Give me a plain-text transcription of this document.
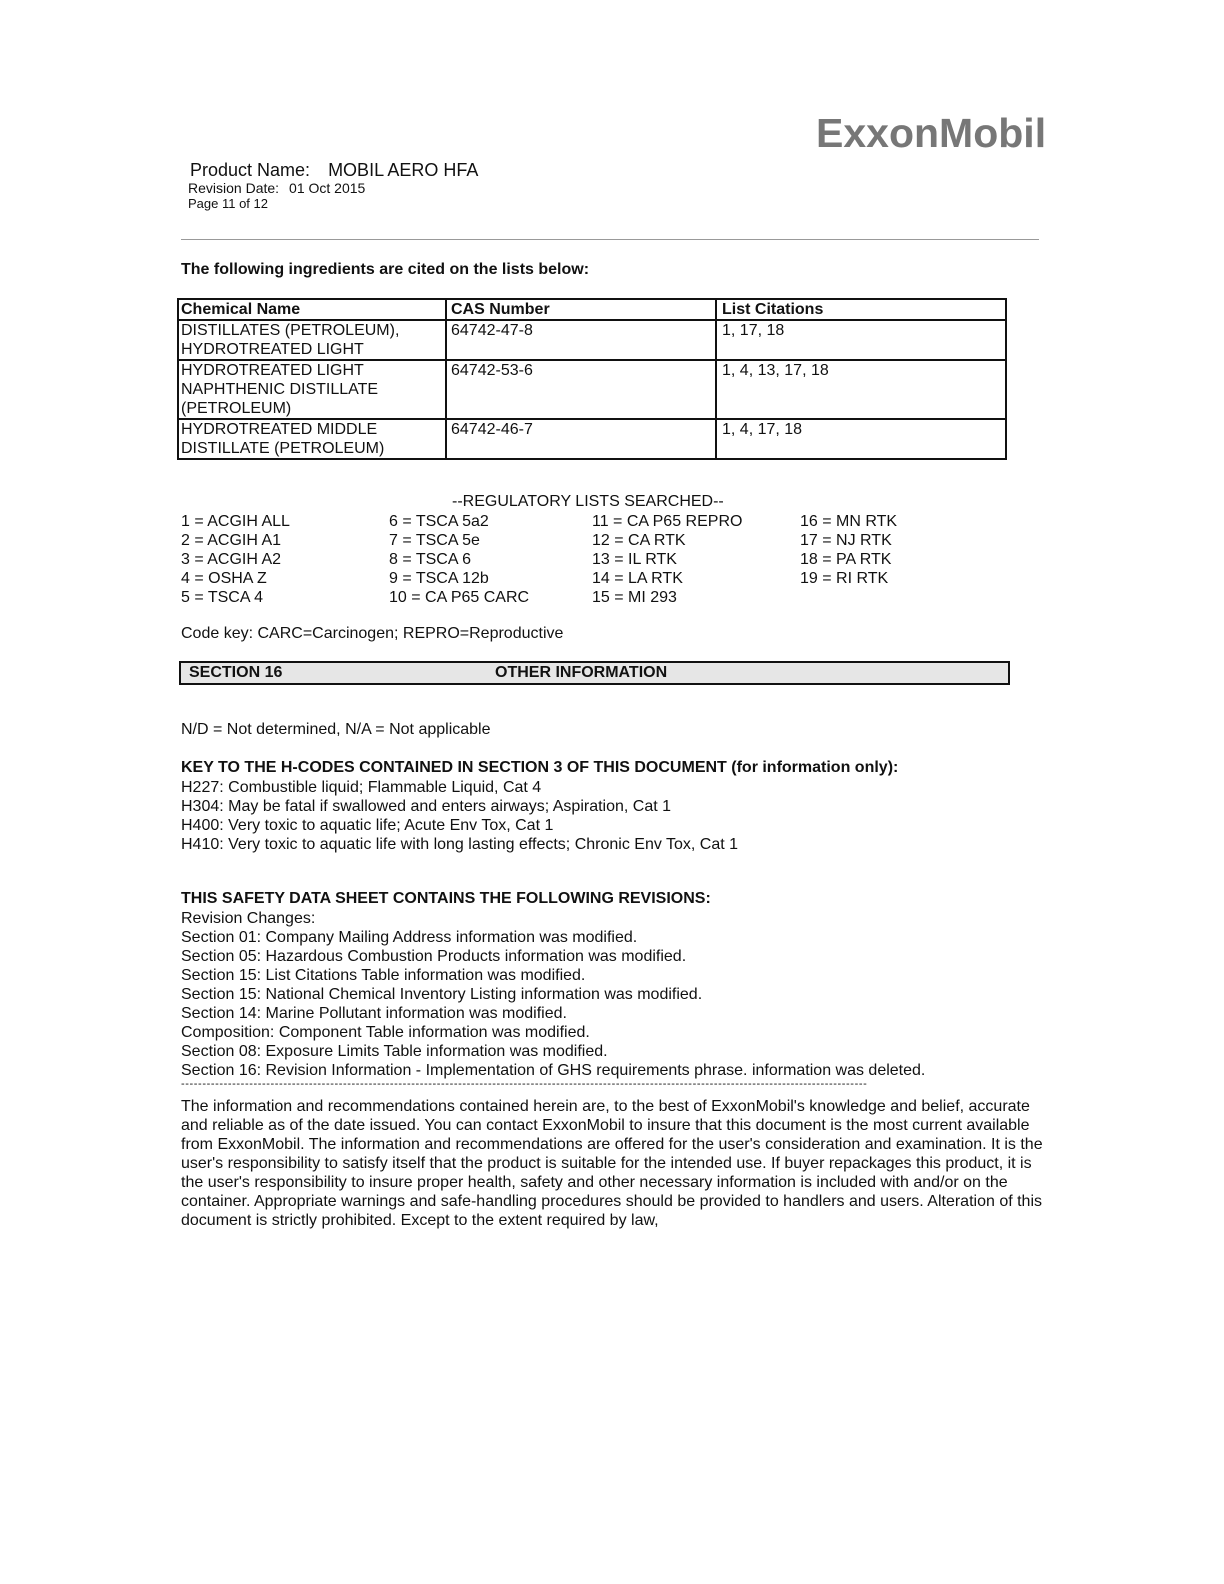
ExxonMobil
Product Name: MOBIL AERO HFA
Revision Date: 01 Oct 2015
Page 11 of 12
The following ingredients are cited on the lists below:
Chemical Name	CAS Number	List Citations

DISTILLATES (PETROLEUM),
HYDROTREATED LIGHT	64742-47-8	1, 17, 18

HYDROTREATED LIGHT
NAPHTHENIC DISTILLATE
(PETROLEUM)	64742-53-6	1, 4, 13, 17, 18

HYDROTREATED MIDDLE
DISTILLATE (PETROLEUM)	64742-46-7	1, 4, 17, 18
--REGULATORY LISTS SEARCHED--
1 = ACGIH ALL
2 = ACGIH A1
3 = ACGIH A2
4 = OSHA Z
5 = TSCA 4
6 = TSCA 5a2
7 = TSCA 5e
8 = TSCA 6
9 = TSCA 12b
10 = CA P65 CARC
11 = CA P65 REPRO
12 = CA RTK
13 = IL RTK
14 = LA RTK
15 = MI 293
16 = MN RTK
17 = NJ RTK
18 = PA RTK
19 = RI RTK
Code key: CARC=Carcinogen; REPRO=Reproductive
SECTION 16	OTHER INFORMATION
N/D = Not determined, N/A = Not applicable
KEY TO THE H-CODES CONTAINED IN SECTION 3 OF THIS DOCUMENT (for information only):
H227: Combustible liquid; Flammable Liquid, Cat 4
H304: May be fatal if swallowed and enters airways; Aspiration, Cat 1
H400: Very toxic to aquatic life; Acute Env Tox, Cat 1
H410: Very toxic to aquatic life with long lasting effects; Chronic Env Tox, Cat 1
THIS SAFETY DATA SHEET CONTAINS THE FOLLOWING REVISIONS:
Revision Changes:
Section 01: Company Mailing Address information was modified.
Section 05: Hazardous Combustion Products information was modified.
Section 15: List Citations Table information was modified.
Section 15: National Chemical Inventory Listing information was modified.
Section 14: Marine Pollutant information was modified.
Composition: Component Table information was modified.
Section 08: Exposure Limits Table information was modified.
Section 16: Revision Information - Implementation of GHS requirements phrase. information was deleted.
-----------------------------------------------------------------------------------------------------------------------------------------------------------------
The information and recommendations contained herein are, to the best of ExxonMobil's knowledge and belief, accurate and reliable as of the date issued. You can contact ExxonMobil to insure that this document is the most current available from ExxonMobil. The information and recommendations are offered for the user's consideration and examination. It is the user's responsibility to satisfy itself that the product is suitable for the intended use. If buyer repackages this product, it is the user's responsibility to insure proper health, safety and other necessary information is included with and/or on the container. Appropriate warnings and safe-handling procedures should be provided to handlers and users. Alteration of this document is strictly prohibited. Except to the extent required by law,
